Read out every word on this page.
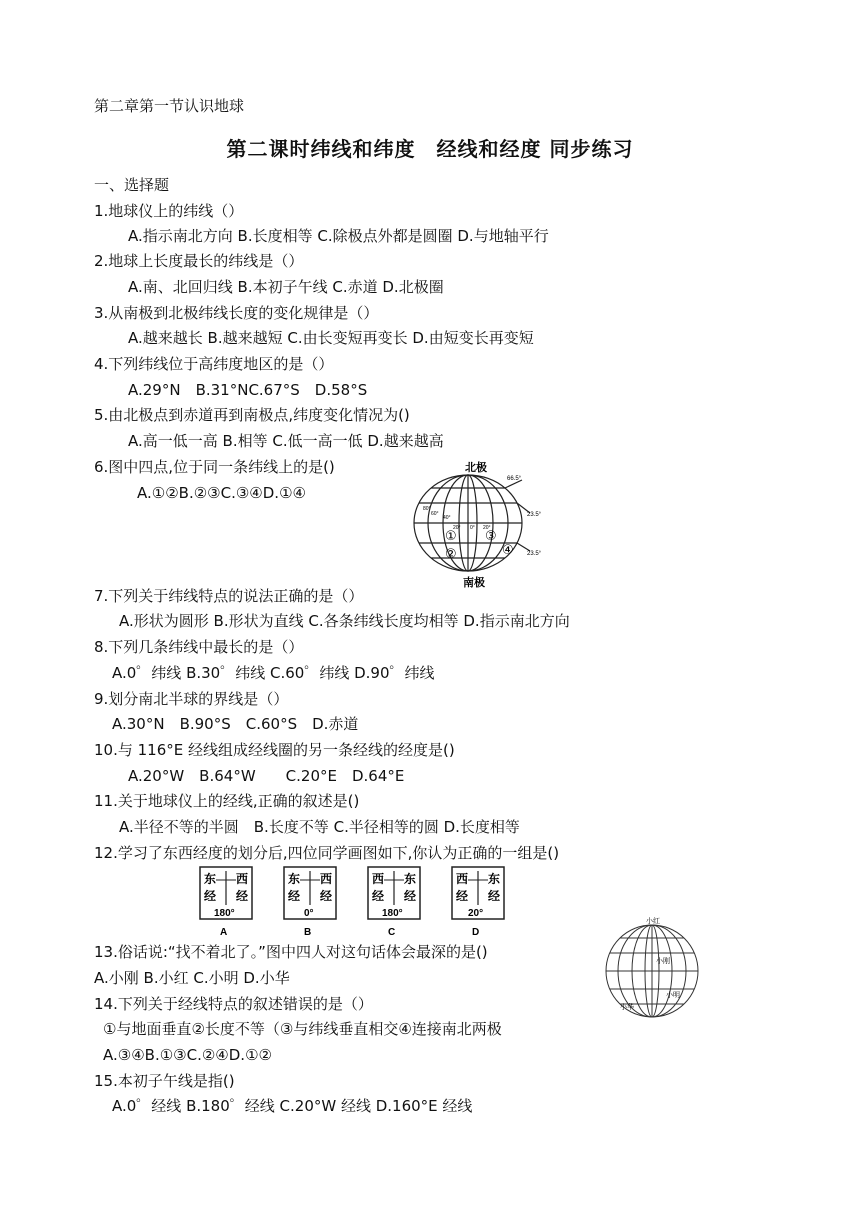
第二章第一节认识地球
第二课时纬线和纬度　经线和经度 同步练习
一、选择题
1.地球仪上的纬线（）
A.指示南北方向 B.长度相等 C.除极点外都是圆圈 D.与地轴平行
2.地球上长度最长的纬线是（）
A.南、北回归线 B.本初子午线 C.赤道 D.北极圈
3.从南极到北极纬线长度的变化规律是（）
A.越来越长 B.越来越短 C.由长变短再变长 D.由短变长再变短
4.下列纬线位于高纬度地区的是（）
A.29°N　B.31°NC.67°S　D.58°S
5.由北极点到赤道再到南极点,纬度变化情况为()
A.高一低一高 B.相等 C.低一高一低 D.越来越高
6.图中四点,位于同一条纬线上的是()
A.①②B.②③C.③④D.①④
北极
南极
66.5°
23.5°
23.5°
80°
60°
40°
20° 0° 20°
①
②
③
④
7.下列关于纬线特点的说法正确的是（）
A.形状为圆形 B.形状为直线 C.各条纬线长度均相等 D.指示南北方向
8.下列几条纬线中最长的是（）
A.0゜纬线 B.30゜纬线 C.60゜纬线 D.90゜纬线
9.划分南北半球的界线是（）
A.30°N　B.90°S　C.60°S　D.赤道
10.与 116°E 经线组成经线圈的另一条经线的经度是()
A.20°W　B.64°W　　C.20°E　D.64°E
11.关于地球仪上的经线,正确的叙述是()
A.半径不等的半圆　B.长度不等 C.半径相等的圆 D.长度相等
12.学习了东西经度的划分后,四位同学画图如下,你认为正确的一组是()
东 西
经 经
180°
A
东 西
经 经
0°
B
西 东
经 经
180°
C
西 东
经 经
20°
D
小红
小刚
小明
小华
13.俗话说:“找不着北了。”图中四人对这句话体会最深的是()
A.小刚 B.小红 C.小明 D.小华
14.下列关于经线特点的叙述错误的是（）
①与地面垂直②长度不等（③与纬线垂直相交④连接南北两极
A.③④B.①③C.②④D.①②
15.本初子午线是指()
A.0゜经线 B.180゜经线 C.20°W 经线 D.160°E 经线
